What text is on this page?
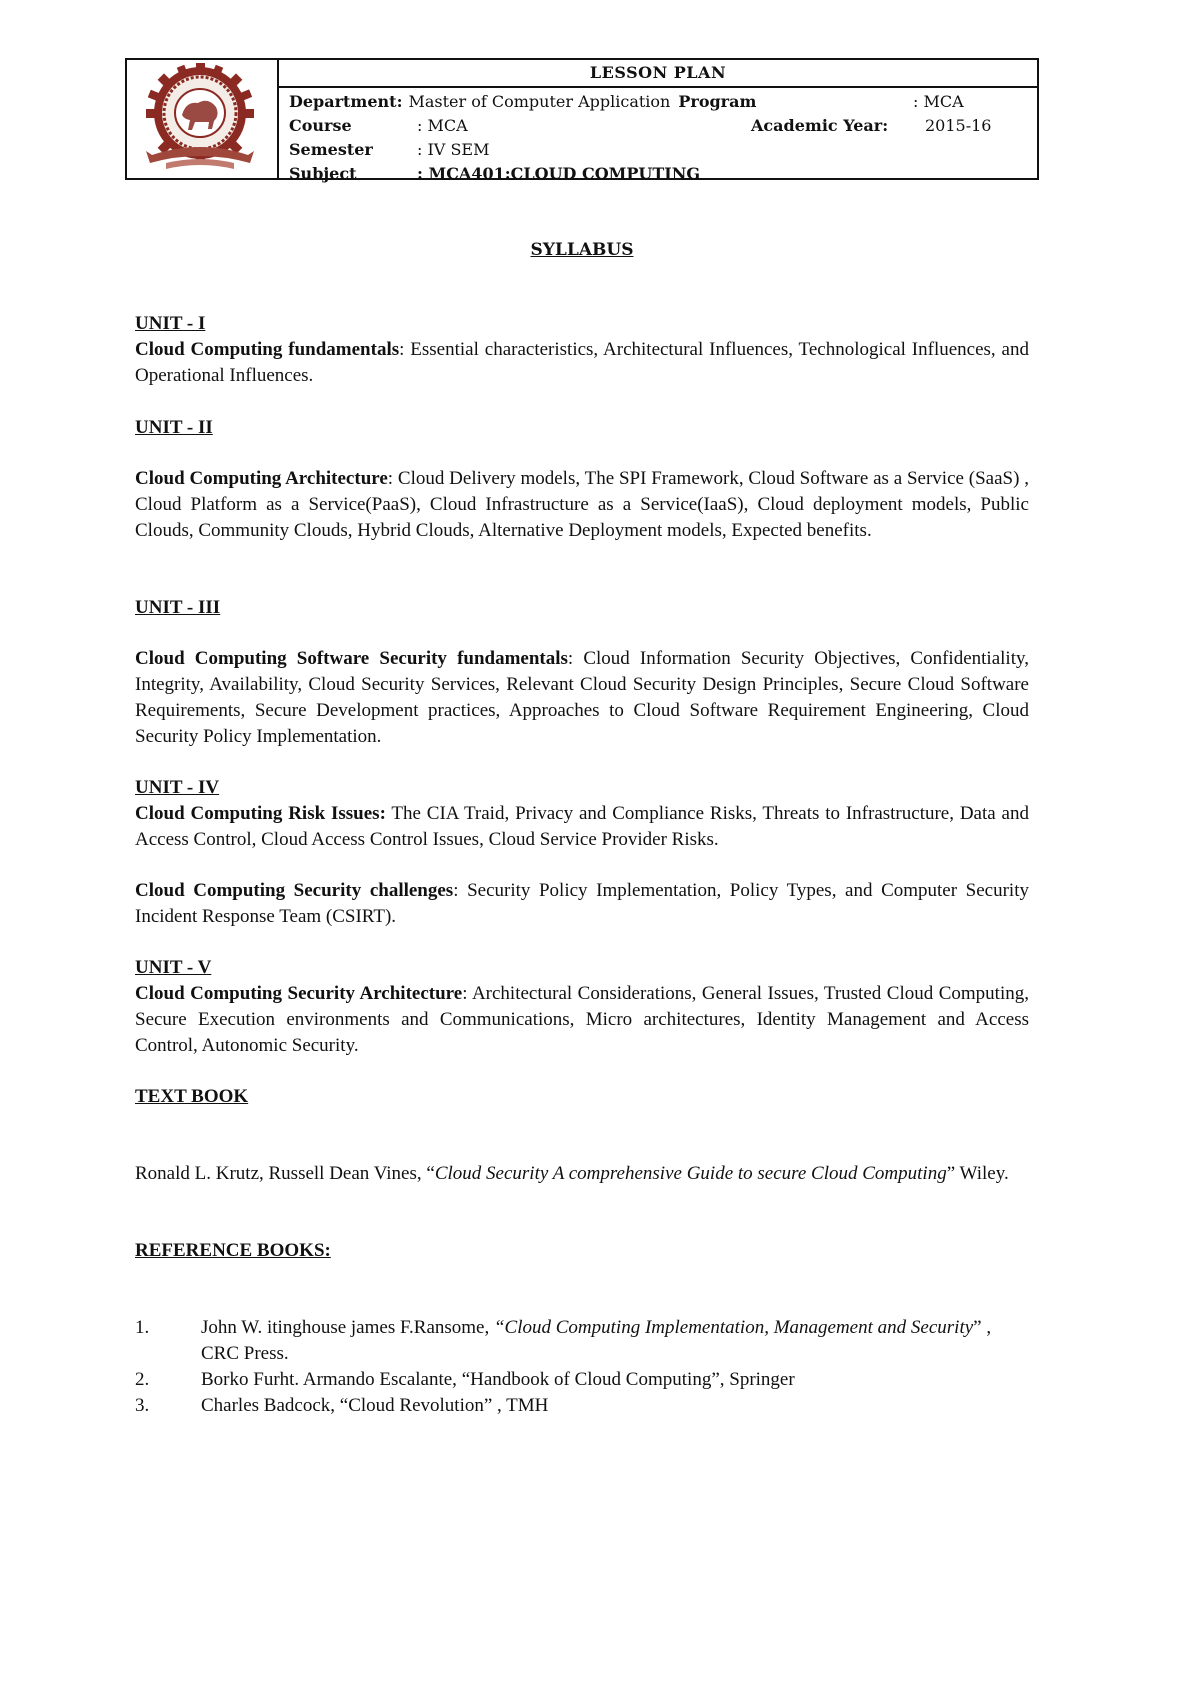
LESSON PLAN
Department: Master of Computer Application Program	: MCA
Course	: MCA	Academic Year: 2015-16
Semester	: IV SEM
Subject	: MCA401:CLOUD COMPUTING
SYLLABUS
UNIT - I
Cloud Computing fundamentals: Essential characteristics, Architectural Influences, Technological Influences, and Operational Influences.
UNIT - II
Cloud Computing Architecture: Cloud Delivery models, The SPI Framework, Cloud Software as a Service (SaaS) , Cloud Platform as a Service(PaaS), Cloud Infrastructure as a Service(IaaS), Cloud deployment models, Public Clouds, Community Clouds, Hybrid Clouds, Alternative Deployment models, Expected benefits.
UNIT - III
Cloud Computing Software Security fundamentals: Cloud Information Security Objectives, Confidentiality, Integrity, Availability, Cloud Security Services, Relevant Cloud Security Design Principles, Secure Cloud Software Requirements, Secure Development practices, Approaches to Cloud Software Requirement Engineering, Cloud Security Policy Implementation.
UNIT - IV
Cloud Computing Risk Issues: The CIA Traid, Privacy and Compliance Risks, Threats to Infrastructure, Data and Access Control, Cloud Access Control Issues, Cloud Service Provider Risks.
Cloud Computing Security challenges: Security Policy Implementation, Policy Types, and Computer Security Incident Response Team (CSIRT).
UNIT - V
Cloud Computing Security Architecture: Architectural Considerations, General Issues, Trusted Cloud Computing, Secure Execution environments and Communications, Micro architectures, Identity Management and Access Control, Autonomic Security.
TEXT BOOK
Ronald L. Krutz, Russell Dean Vines, “Cloud Security A comprehensive Guide to secure Cloud Computing” Wiley.
REFERENCE BOOKS:
1.	John W. itinghouse james F.Ransome, “Cloud Computing Implementation, Management and Security” , CRC Press.
2.	Borko Furht. Armando Escalante, “Handbook of Cloud Computing”, Springer
3.	Charles Badcock, “Cloud Revolution” , TMH
